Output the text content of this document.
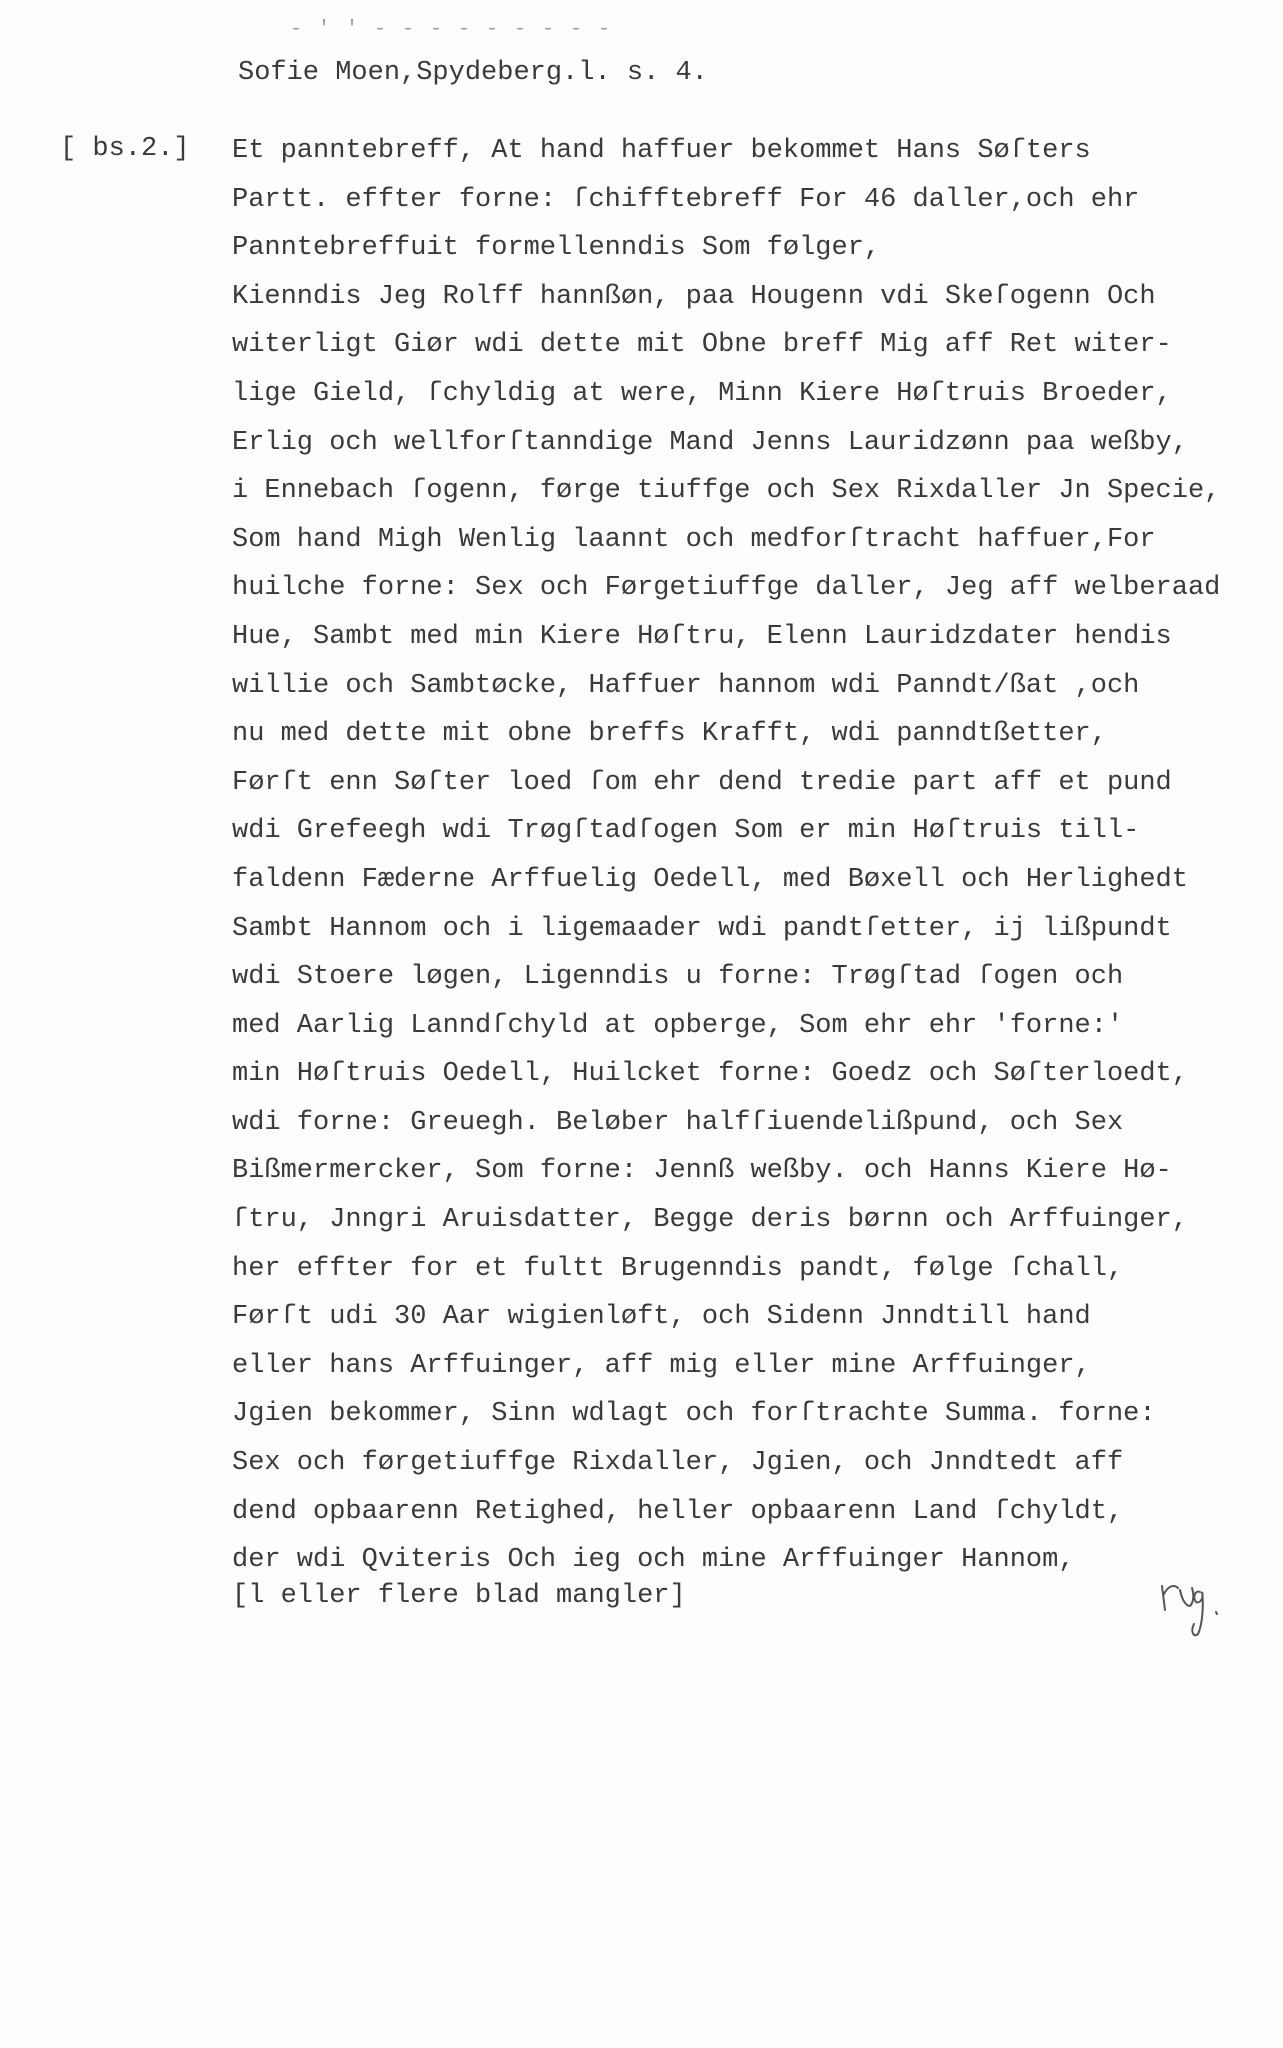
- ' ' - - - - - - - - -
Sofie Moen,Spydeberg.l. s. 4.
[ bs.2.] Et panntebreff, At hand haffuer bekommet Hans Søſters
Partt. effter forne: ſchifftebreff For 46 daller,och ehr
Panntebreffuit formellenndis Som følger,
Kienndis Jeg Rolff hannßøn, paa Hougenn vdi Skeſogenn Och
witerligt Giør wdi dette mit Obne breff Mig aff Ret witer-
lige Gield, ſchyldig at were, Minn Kiere Høſtruis Broeder,
Erlig och wellforſtanndige Mand Jenns Lauridzønn paa weßby,
i Ennebach ſogenn, førge tiuffge och Sex Rixdaller Jn Specie,
Som hand Migh Wenlig laannt och medforſtracht haffuer,For
huilche forne: Sex och Førgetiuffge daller, Jeg aff welberaad
Hue, Sambt med min Kiere Høſtru, Elenn Lauridzdater hendis
willie och Sambtøcke, Haffuer hannom wdi Panndt/ßat ,och
nu med dette mit obne breffs Krafft, wdi panndtßetter,
Førſt enn Søſter loed ſom ehr dend tredie part aff et pund
wdi Grefeegh wdi Trøgſtadſogen Som er min Høſtruis till-
faldenn Fæderne Arffuelig Oedell, med Bøxell och Herlighedt
Sambt Hannom och i ligemaader wdi pandtſetter, ij lißpundt
wdi Stoere løgen, Ligenndis u forne: Trøgſtad ſogen och
med Aarlig Lanndſchyld at opberge, Som ehr ehr 'forne:'
min Høſtruis Oedell, Huilcket forne: Goedz och Søſterloedt,
wdi forne: Greuegh. Beløber halfſiuendelißpund, och Sex
Bißmermercker, Som forne: Jennß weßby. och Hanns Kiere Hø-
ſtru, Jnngri Aruisdatter, Begge deris børnn och Arffuinger,
her effter for et fultt Brugenndis pandt, følge ſchall,
Førſt udi 30 Aar wigienløft, och Sidenn Jnndtill hand
eller hans Arffuinger, aff mig eller mine Arffuinger,
Jgien bekommer, Sinn wdlagt och forſtrachte Summa. forne:
Sex och førgetiuffge Rixdaller, Jgien, och Jnndtedt aff
dend opbaarenn Retighed, heller opbaarenn Land ſchyldt,
der wdi Qviteris Och ieg och mine Arffuinger Hannom,
[l eller flere blad mangler]
